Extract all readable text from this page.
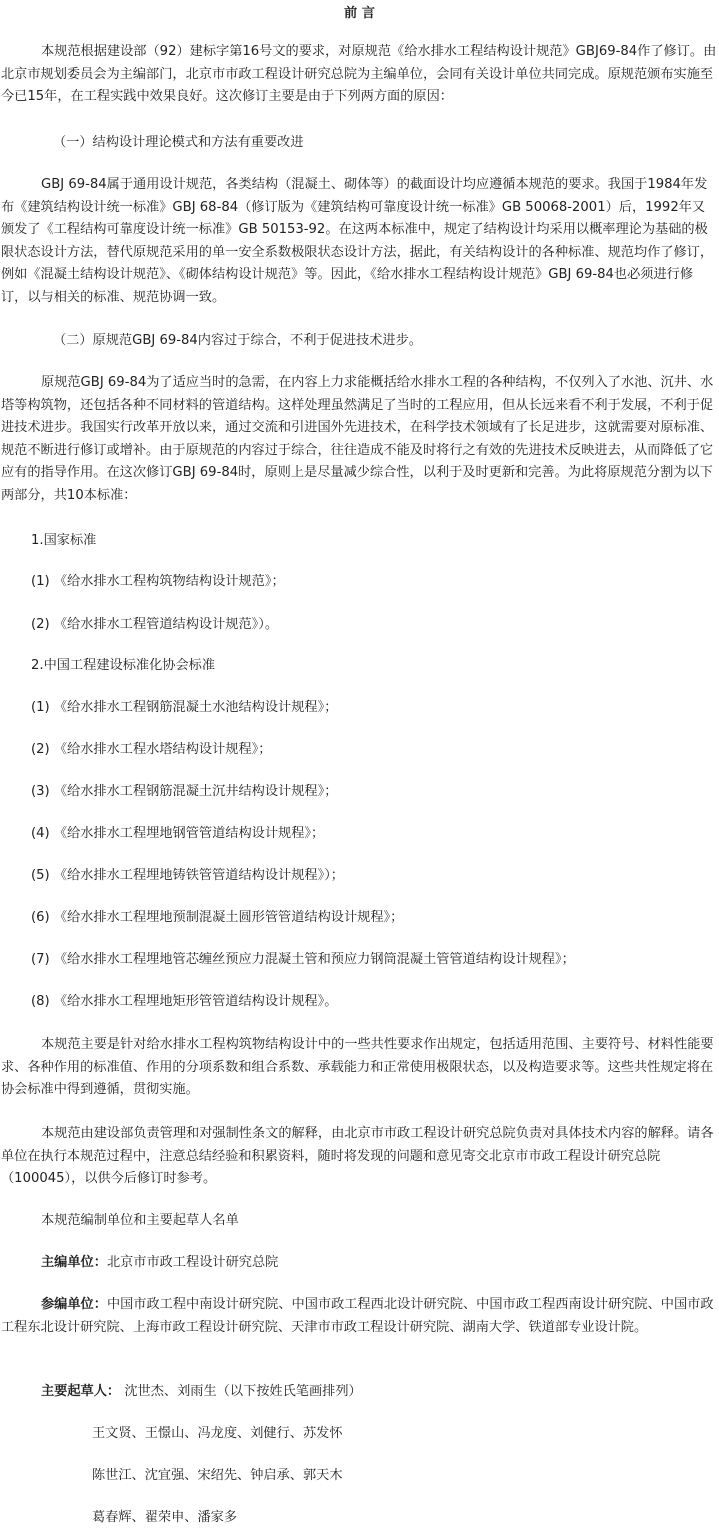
前 言

本规范根据建设部（92）建标字第16号文的要求，对原规范《给水排水工程结构设计规范》GBJ69-84作了修订。由北京市规划委员会为主编部门，北京市市政工程设计研究总院为主编单位，会同有关设计单位共同完成。原规范颁布实施至今已15年，在工程实践中效果良好。这次修订主要是由于下列两方面的原因：

（一）结构设计理论模式和方法有重要改进

GBJ 69-84属于通用设计规范，各类结构（混凝土、砌体等）的截面设计均应遵循本规范的要求。我国于1984年发布《建筑结构设计统一标准》GBJ 68-84（修订版为《建筑结构可靠度设计统一标准》GB 50068-2001）后，1992年又颁发了《工程结构可靠度设计统一标准》GB 50153-92。在这两本标准中，规定了结构设计均采用以概率理论为基础的极限状态设计方法，替代原规范采用的单一安全系数极限状态设计方法，据此，有关结构设计的各种标准、规范均作了修订，例如《混凝土结构设计规范》、《砌体结构设计规范》等。因此，《给水排水工程结构设计规范》GBJ 69-84也必须进行修订，以与相关的标准、规范协调一致。

（二）原规范GBJ 69-84内容过于综合，不利于促进技术进步。

原规范GBJ 69-84为了适应当时的急需，在内容上力求能概括给水排水工程的各种结构，不仅列入了水池、沉井、水塔等构筑物，还包括各种不同材料的管道结构。这样处理虽然满足了当时的工程应用，但从长远来看不利于发展，不利于促进技术进步。我国实行改革开放以来，通过交流和引进国外先进技术，在科学技术领域有了长足进步，这就需要对原标准、规范不断进行修订或增补。由于原规范的内容过于综合，往往造成不能及时将行之有效的先进技术反映进去，从而降低了它应有的指导作用。在这次修订GBJ 69-84时，原则上是尽量减少综合性，以利于及时更新和完善。为此将原规范分割为以下两部分，共10本标准：

1.国家标准

(1) 《给水排水工程构筑物结构设计规范》；

(2) 《给水排水工程管道结构设计规范》）。

2.中国工程建设标准化协会标准

(1) 《给水排水工程钢筋混凝土水池结构设计规程》；

(2) 《给水排水工程水塔结构设计规程》；

(3) 《给水排水工程钢筋混凝土沉井结构设计规程》；

(4) 《给水排水工程埋地钢管管道结构设计规程》；

(5) 《给水排水工程埋地铸铁管管道结构设计规程》）；

(6) 《给水排水工程埋地预制混凝土圆形管管道结构设计规程》；

(7) 《给水排水工程埋地管芯缠丝预应力混凝土管和预应力钢筒混凝土管管道结构设计规程》；

(8) 《给水排水工程埋地矩形管管道结构设计规程》。

本规范主要是针对给水排水工程构筑物结构设计中的一些共性要求作出规定，包括适用范围、主要符号、材料性能要求、各种作用的标准值、作用的分项系数和组合系数、承载能力和正常使用极限状态，以及构造要求等。这些共性规定将在协会标准中得到遵循，贯彻实施。

本规范由建设部负责管理和对强制性条文的解释，由北京市市政工程设计研究总院负责对具体技术内容的解释。请各单位在执行本规范过程中，注意总结经验和积累资料，随时将发现的问题和意见寄交北京市市政工程设计研究总院（100045），以供今后修订时参考。

本规范编制单位和主要起草人名单

主编单位：北京市市政工程设计研究总院

参编单位：中国市政工程中南设计研究院、中国市政工程西北设计研究院、中国市政工程西南设计研究院、中国市政工程东北设计研究院、上海市政工程设计研究院、天津市市政工程设计研究院、湖南大学、铁道部专业设计院。

主要起草人： 沈世杰、刘雨生（以下按姓氏笔画排列）

王文贤、王憬山、冯龙度、刘健行、苏发怀

陈世江、沈宜强、宋绍先、钟启承、郭天木

葛春辉、翟荣申、潘家多
